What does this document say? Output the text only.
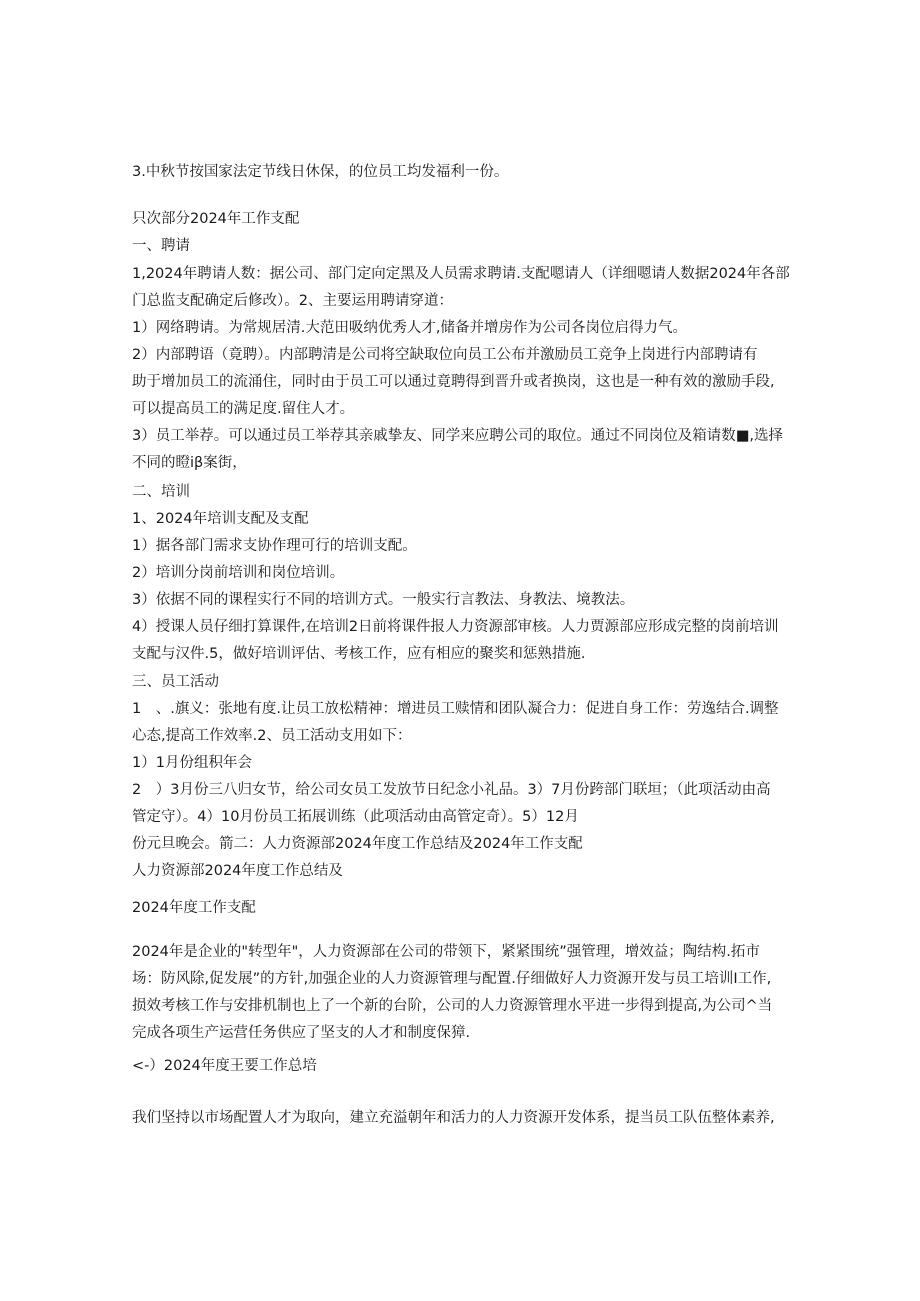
3.中秋节按国家法定节线日休保，的位员工均发福利一份。

只次部分2024年工作支配

一、聘请

1,2024年聘请人数：据公司、部门定向定黑及人员需求聘请.支配嗯请人（详细嗯请人数据2024年各部

门总监支配确定后修改）。2、主要运用聘请穿道：

1）网络聘请。为常规居清.大范田吸纳优秀人才,储备并增房作为公司各岗位启得力气。

2）内部聘语（竟聘）。内部聘清是公司将空缺取位向员工公布并激励员工竞争上岗进行内部聘请有

助于增加员工的流涌住，同时由于员工可以通过竟聘得到晋升或者换岗，这也是一种有效的激励手段,

可以提高员工的满足度.留住人才。

3）员工举荐。可以通过员工举荐其亲戚挚友、同学来应聘公司的取位。通过不同岗位及箱请数■,选择

不同的瞪iβ案街，

二、培训

1、2024年培训支配及支配

1）据各部门需求支协作理可行的培训支配。

2）培训分岗前培训和岗位培训。

3）依据不同的课程实行不同的培训方式。一般实行言教法、身教法、境教法。

4）授课人员仔细打算课件,在培训2日前将课件报人力资源部审核。人力贾源部应形成完整的岗前培训

支配与汉件.5，做好培训评估、考核工作，应有相应的聚奖和惩熟措施.

三、员工活动

1　、.旗义：张地有度.让员工放松精神：增进员工赎情和团队凝合力：促进自身工作：劳逸结合.调整

心态,提高工作效率.2、员工活动支用如下：

1）1月份组积年会

2　）3月份三八归女节，给公司女员工发放节日纪念小礼品。3）7月份跨部门联垣；（此项活动由高

管定守）。4）10月份员工拓展训练（此项活动由高管定奇）。5）12月

份元旦晚会。箭二：人力资源部2024年度工作总结及2024年工作支配

人力资源部2024年度工作总结及

2024年度工作支配

2024年是企业的"转型年"，人力资源部在公司的带领下，紧紧围统”强管理，增效益；陶结构.拓市

场：防风除,促发展”的方针,加强企业的人力资源管理与配置.仔细做好人力资源开发与员工培训I工作,

损效考核工作与安排机制也上了一个新的台阶，公司的人力资源管理水平进一步得到提高,为公司^当

完成各项生产运营任务供应了坚支的人才和制度保獐.

<-）2024年度王要工作总培

我们坚持以市场配置人才为取向，建立充溢朝年和活力的人力资源开发体系，提当员工队伍整体素养,
